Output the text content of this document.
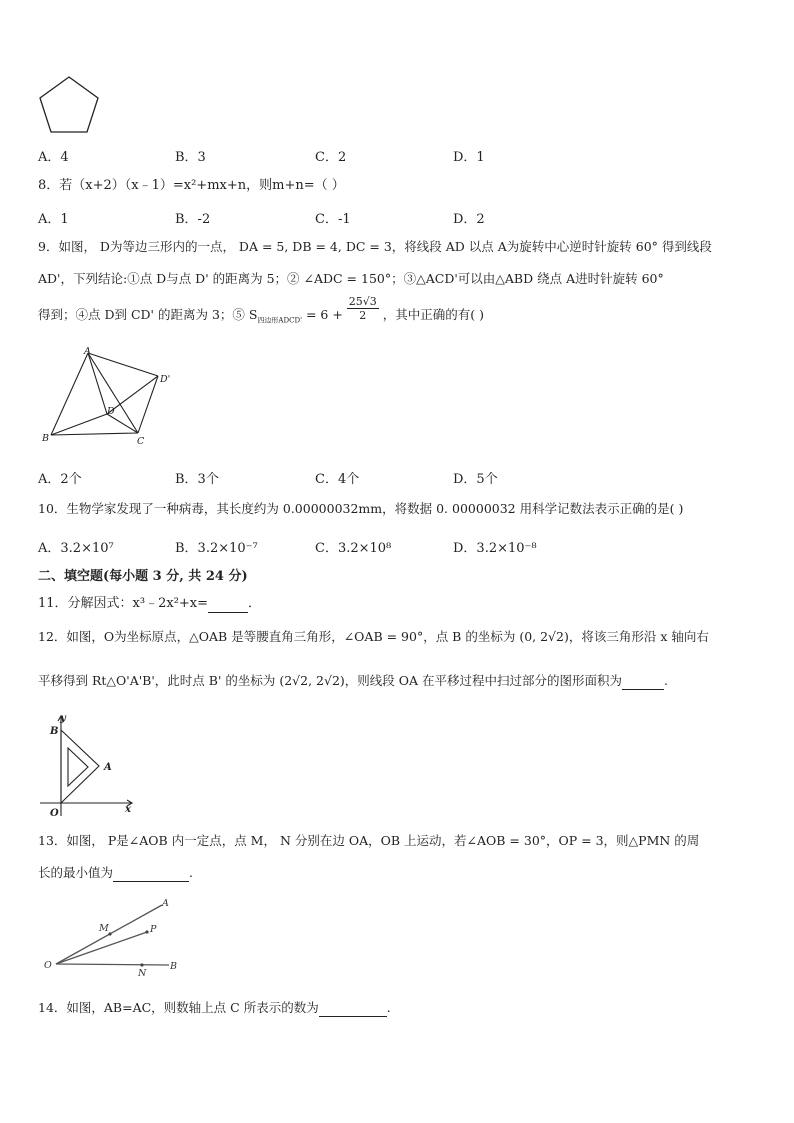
A．4	B．3	C．2	D．1
8．若（x+2）（x﹣1）=x²+mx+n，则m+n=（ ）
A．1	B．-2	C．-1	D．2
9．如图， D为等边三形内的一点， DA = 5, DB = 4, DC = 3，将线段 AD 以点 A为旋转中心逆时针旋转 60° 得到线段
AD'，下列结论:①点 D与点 D' 的距离为 5；② ∠ADC = 150°；③△ACD'可以由△ABD 绕点 A进时针旋转 60°
得到；④点 D到 CD' 的距离为 3；⑤ $S_{四边形ADCD'} = 6 + \frac{25√3}{2}$ ，其中正确的有( )
A
B	C
D
D'
A．2个	B．3个	C．4个	D．5个
10．生物学家发现了一种病毒，其长度约为 0.00000032mm，将数据 0. 00000032 用科学记数法表示正确的是( )
A．3.2×10⁷	B．3.2×10⁻⁷	C．3.2×10⁸	D．3.2×10⁻⁸
二、填空题(每小题 3 分, 共 24 分)
11．分解因式：x³﹣2x²+x=	．
12．如图，O为坐标原点，△OAB 是等腰直角三角形，∠OAB = 90°，点 B 的坐标为 (0, 2√2)，将该三角形沿 x 轴向右
平移得到 Rt△O'A'B'，此时点 B' 的坐标为 (2√2, 2√2)，则线段 OA 在平移过程中扫过部分的图形面积为	.
y
B
A
O	x
13．如图， P是∠AOB 内一定点，点 M， N 分别在边 OA，OB 上运动，若∠AOB = 30°，OP = 3，则△PMN 的周
长的最小值为	.
A
M	P
O
N
B
14．如图，AB=AC，则数轴上点 C 所表示的数为	.
